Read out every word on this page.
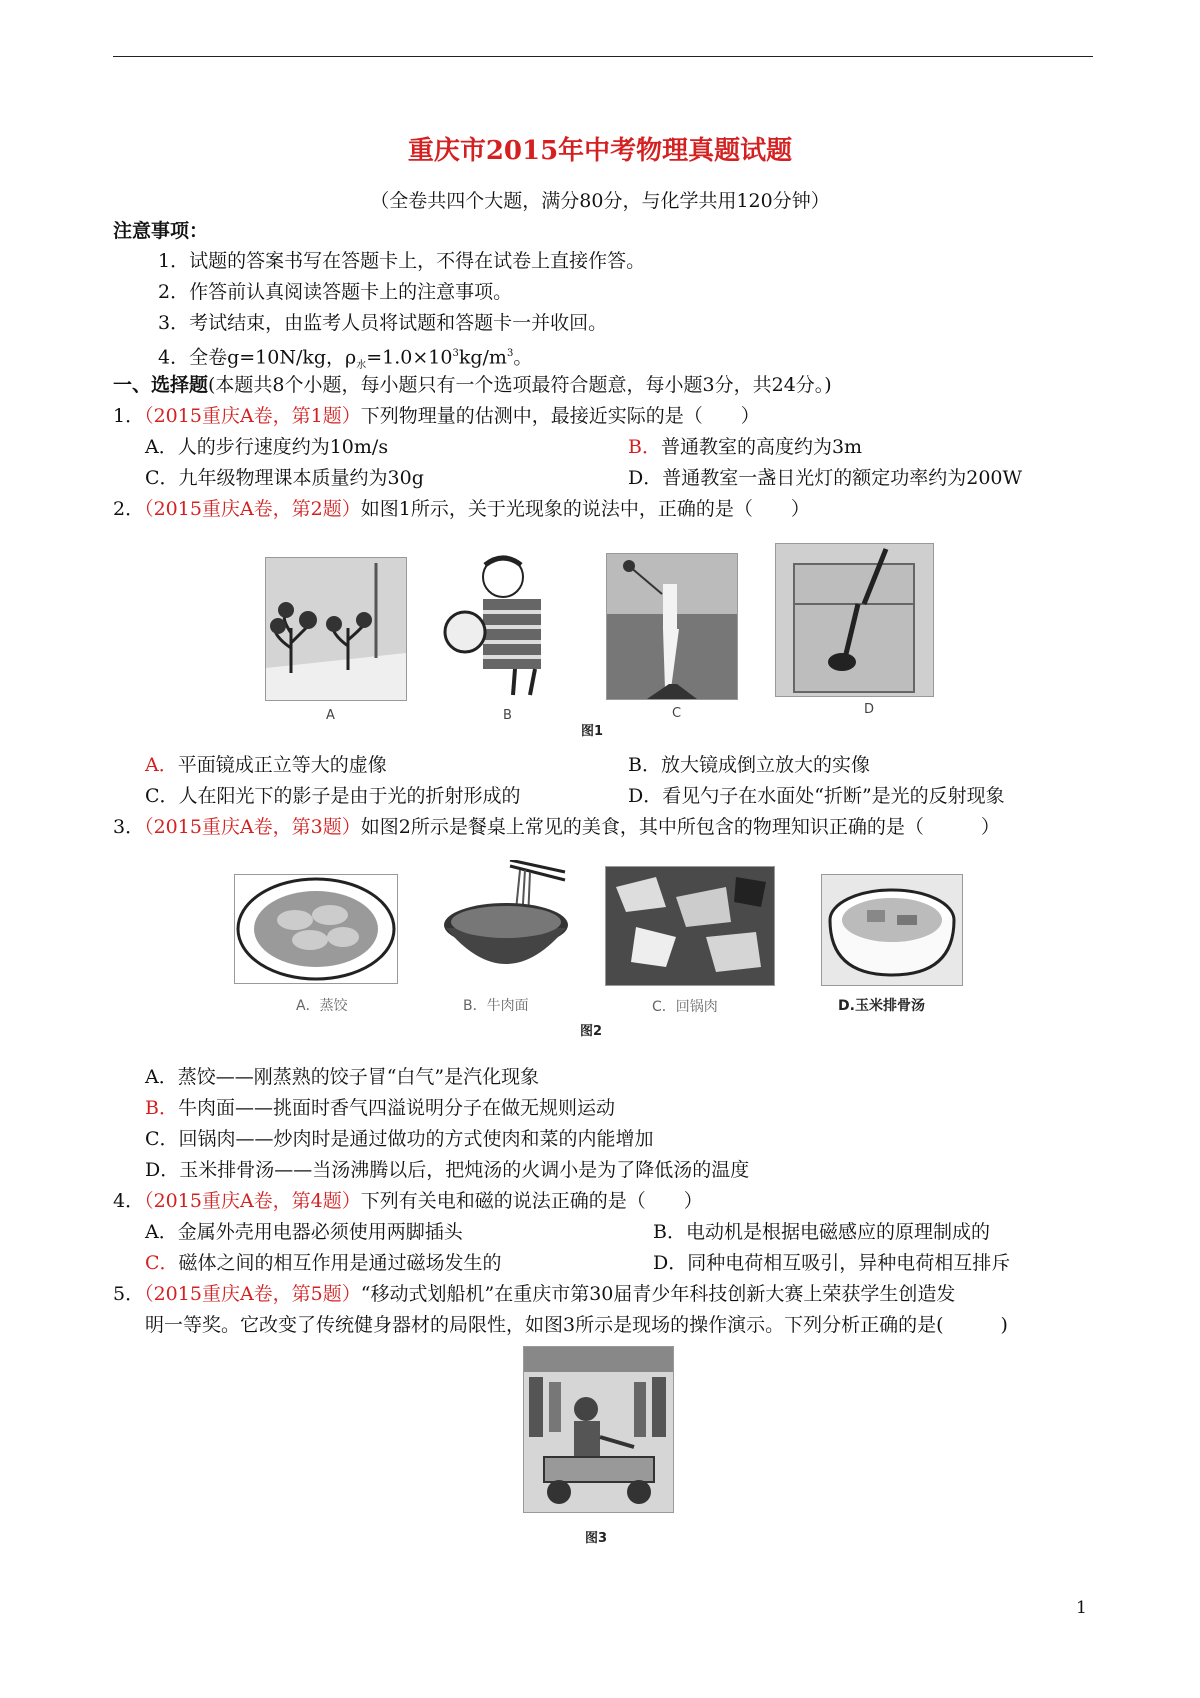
重庆市2015年中考物理真题试题
（全卷共四个大题，满分80分，与化学共用120分钟）
注意事项：
1．试题的答案书写在答题卡上，不得在试卷上直接作答。
2．作答前认真阅读答题卡上的注意事项。
3．考试结束，由监考人员将试题和答题卡一并收回。
4．全卷g=10N/kg，$\rho_水=1.0\times 10^3kg/m^3$。
一、选择题(本题共8个小题，每小题只有一个选项最符合题意，每小题3分，共24分。)
1．（2015重庆A卷，第1题）下列物理量的估测中，最接近实际的是（　　）
A．人的步行速度约为10m/s	B．普通教室的高度约为3m
C．九年级物理课本质量约为30g	D．普通教室一盏日光灯的额定功率约为200W
2．（2015重庆A卷，第2题）如图1所示，关于光现象的说法中，正确的是（　　）
A	B	C	D
图1
A．平面镜成正立等大的虚像	B．放大镜成倒立放大的实像
C．人在阳光下的影子是由于光的折射形成的	D．看见勺子在水面处“折断”是光的反射现象
3．（2015重庆A卷，第3题）如图2所示是餐桌上常见的美食，其中所包含的物理知识正确的是（　　　）
A．蒸饺	B．牛肉面	C．回锅肉	D.玉米排骨汤
图2
A．蒸饺——刚蒸熟的饺子冒“白气”是汽化现象
B．牛肉面——挑面时香气四溢说明分子在做无规则运动
C．回锅肉——炒肉时是通过做功的方式使肉和菜的内能增加
D．玉米排骨汤——当汤沸腾以后，把炖汤的火调小是为了降低汤的温度
4．（2015重庆A卷，第4题）下列有关电和磁的说法正确的是（　　）
A．金属外壳用电器必须使用两脚插头	B．电动机是根据电磁感应的原理制成的
C．磁体之间的相互作用是通过磁场发生的	D．同种电荷相互吸引，异种电荷相互排斥
5．（2015重庆A卷，第5题）“移动式划船机”在重庆市第30届青少年科技创新大赛上荣获学生创造发
明一等奖。它改变了传统健身器材的局限性，如图3所示是现场的操作演示。下列分析正确的是(　　　)
图3
1
